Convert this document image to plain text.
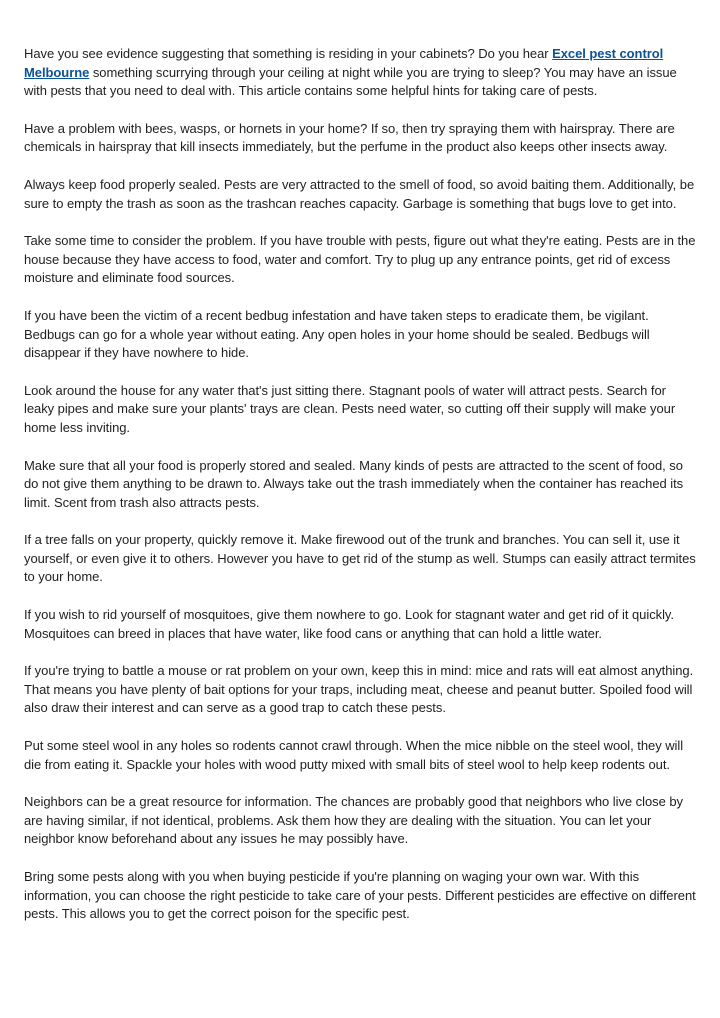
Have you see evidence suggesting that something is residing in your cabinets? Do you hear Excel pest control Melbourne something scurrying through your ceiling at night while you are trying to sleep? You may have an issue with pests that you need to deal with. This article contains some helpful hints for taking care of pests.

Have a problem with bees, wasps, or hornets in your home? If so, then try spraying them with hairspray. There are chemicals in hairspray that kill insects immediately, but the perfume in the product also keeps other insects away.

Always keep food properly sealed. Pests are very attracted to the smell of food, so avoid baiting them. Additionally, be sure to empty the trash as soon as the trashcan reaches capacity. Garbage is something that bugs love to get into.

Take some time to consider the problem. If you have trouble with pests, figure out what they're eating. Pests are in the house because they have access to food, water and comfort. Try to plug up any entrance points, get rid of excess moisture and eliminate food sources.

If you have been the victim of a recent bedbug infestation and have taken steps to eradicate them, be vigilant. Bedbugs can go for a whole year without eating. Any open holes in your home should be sealed. Bedbugs will disappear if they have nowhere to hide.

Look around the house for any water that's just sitting there. Stagnant pools of water will attract pests. Search for leaky pipes and make sure your plants' trays are clean. Pests need water, so cutting off their supply will make your home less inviting.

Make sure that all your food is properly stored and sealed. Many kinds of pests are attracted to the scent of food, so do not give them anything to be drawn to. Always take out the trash immediately when the container has reached its limit. Scent from trash also attracts pests.

If a tree falls on your property, quickly remove it. Make firewood out of the trunk and branches. You can sell it, use it yourself, or even give it to others. However you have to get rid of the stump as well. Stumps can easily attract termites to your home.

If you wish to rid yourself of mosquitoes, give them nowhere to go. Look for stagnant water and get rid of it quickly. Mosquitoes can breed in places that have water, like food cans or anything that can hold a little water.

If you're trying to battle a mouse or rat problem on your own, keep this in mind: mice and rats will eat almost anything. That means you have plenty of bait options for your traps, including meat, cheese and peanut butter. Spoiled food will also draw their interest and can serve as a good trap to catch these pests.

Put some steel wool in any holes so rodents cannot crawl through. When the mice nibble on the steel wool, they will die from eating it. Spackle your holes with wood putty mixed with small bits of steel wool to help keep rodents out.

Neighbors can be a great resource for information. The chances are probably good that neighbors who live close by are having similar, if not identical, problems. Ask them how they are dealing with the situation. You can let your neighbor know beforehand about any issues he may possibly have.

Bring some pests along with you when buying pesticide if you're planning on waging your own war. With this information, you can choose the right pesticide to take care of your pests. Different pesticides are effective on different pests. This allows you to get the correct poison for the specific pest.
